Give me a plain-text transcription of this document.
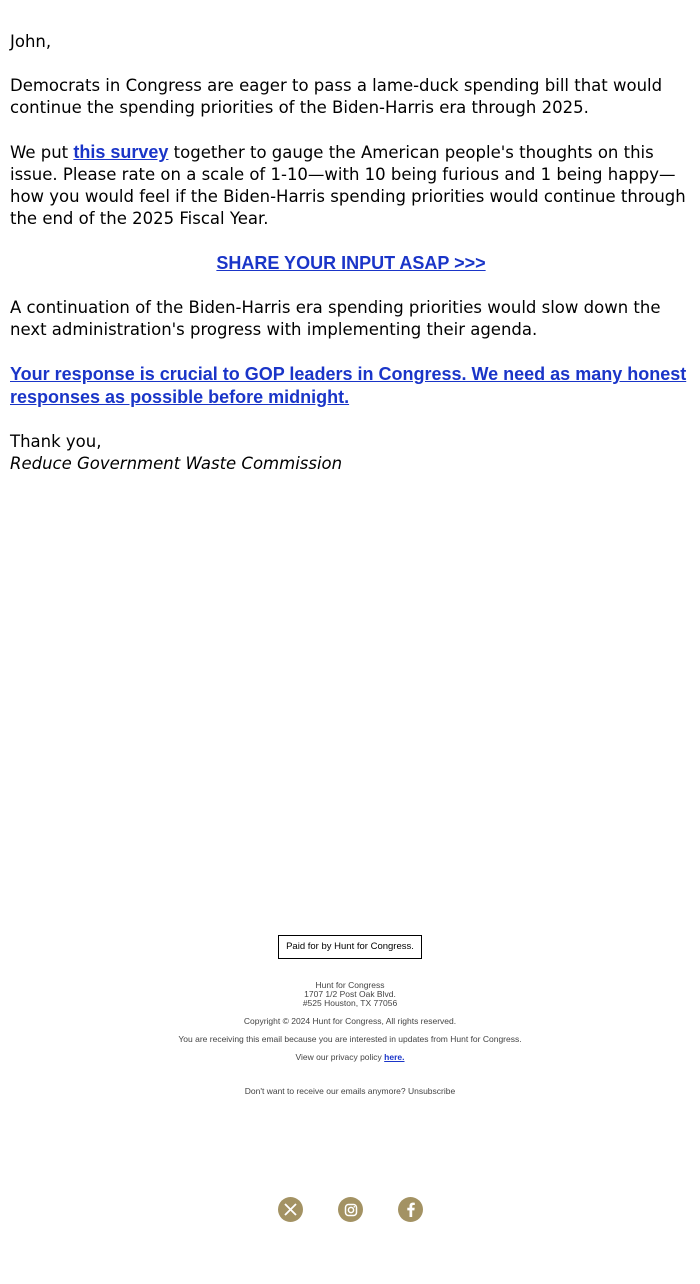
John,

Democrats in Congress are eager to pass a lame-duck spending bill that would continue the spending priorities of the Biden-Harris era through 2025.

We put this survey together to gauge the American people's thoughts on this issue. Please rate on a scale of 1-10—with 10 being furious and 1 being happy—how you would feel if the Biden-Harris spending priorities would continue through the end of the 2025 Fiscal Year.

SHARE YOUR INPUT ASAP >>>

A continuation of the Biden-Harris era spending priorities would slow down the next administration's progress with implementing their agenda.

Your response is crucial to GOP leaders in Congress. We need as many honest responses as possible before midnight.

Thank you,
Reduce Government Waste Commission

Paid for by Hunt for Congress.
Hunt for Congress
1707 1/2 Post Oak Blvd.
#525 Houston, TX 77056
Copyright © 2024 Hunt for Congress, All rights reserved.
You are receiving this email because you are interested in updates from Hunt for Congress.
View our privacy policy here.
Don't want to receive our emails anymore? Unsubscribe
